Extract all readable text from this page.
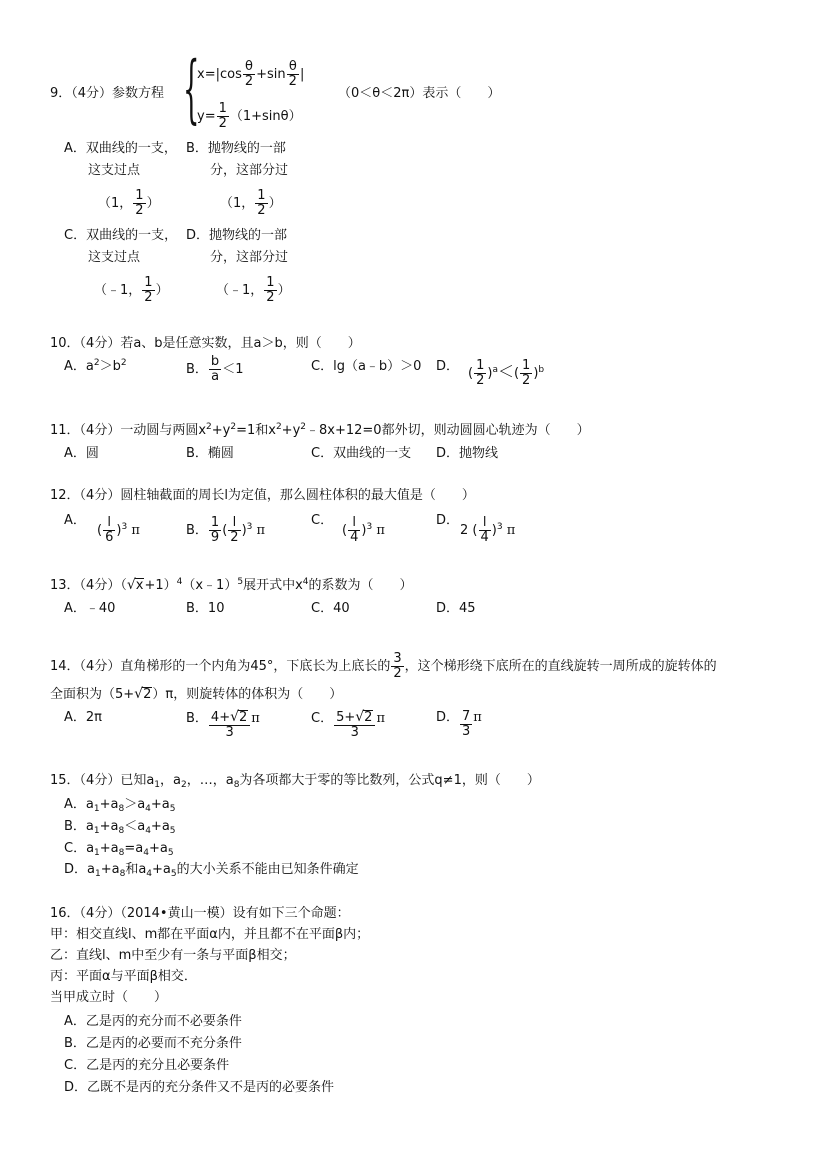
9．（4分）参数方程 {
$x=|\cos \frac{\theta}{2} +\sin \frac{\theta}{2}$ |
$y= \frac{1}{2} (1+\sin\theta)$
（0＜θ＜2π）表示（　　）
A．双曲线的一支，
这支过点
（1， $\frac{1}{2}$ ）
B．抛物线的一部
分，这部分过
（1， $\frac{1}{2}$ ）
C．双曲线的一支，
这支过点
（﹣1， $\frac{1}{2}$ ）
D．抛物线的一部
分，这部分过
（﹣1， $\frac{1}{2}$ ）
10．（4分）若a、b是任意实数，且a＞b，则（　　）
A．$a^2>b^2$	B． $\frac{b}{a} <1$	C．lg（a﹣b）＞0 D． ( $\frac{1}{2} )^a<( \frac{1}{2} )^b$
11．（4分）一动圆与两圆$x^2+y^2=1$和$x^2+y^2﹣8x+12=0$都外切，则动圆圆心轨迹为（　　）
A．圆	B．椭圆	C．双曲线的一支 D．抛物线
12．（4分）圆柱轴截面的周长l为定值，那么圆柱体积的最大值是（　　）
A．
( $\frac{l}{6} )^3$ π	B． $\frac{1}{9}$ ( $\frac{l}{2} )^3$ π
C．
( $\frac{l}{4} )^3$ π
D．
2 ( $\frac{l}{4} )^3$ π
13．（4分）$(√x+1)^4(x﹣1)^5$展开式中$x^4$的系数为（　　）
A．﹣40	B．10	C．40	D．45
14．（4分）直角梯形的一个内角为45°，下底长为上底长的 $\frac{3}{2}$ ，这个梯形绕下底所在的直线旋转一周所成的旋转体的
全面积为（5+√2）π，则旋转体的体积为（　　）
A．2π	B． $\frac{4+√2}{3}$ π	C． $\frac{5+√2}{3}$ π	D． $\frac{7}{3}$ π
15．（4分）已知$a_1$，$a_2$，…，$a_8$为各项都大于零的等比数列，公式q≠1，则（　　）
A．$a_1+a_8>a_4+a_5$
B．$a_1+a_8<a_4+a_5$
C．$a_1+a_8=a_4+a_5$
D．$a_1+a_8$和$a_4+a_5$的大小关系不能由已知条件确定
16．（4分）（2014•黄山一模）设有如下三个命题：
甲：相交直线l、m都在平面α内，并且都不在平面β内；
乙：直线l、m中至少有一条与平面β相交；
丙：平面α与平面β相交．
当甲成立时（　　）
A．乙是丙的充分而不必要条件
B．乙是丙的必要而不充分条件
C．乙是丙的充分且必要条件
D．乙既不是丙的充分条件又不是丙的必要条件
